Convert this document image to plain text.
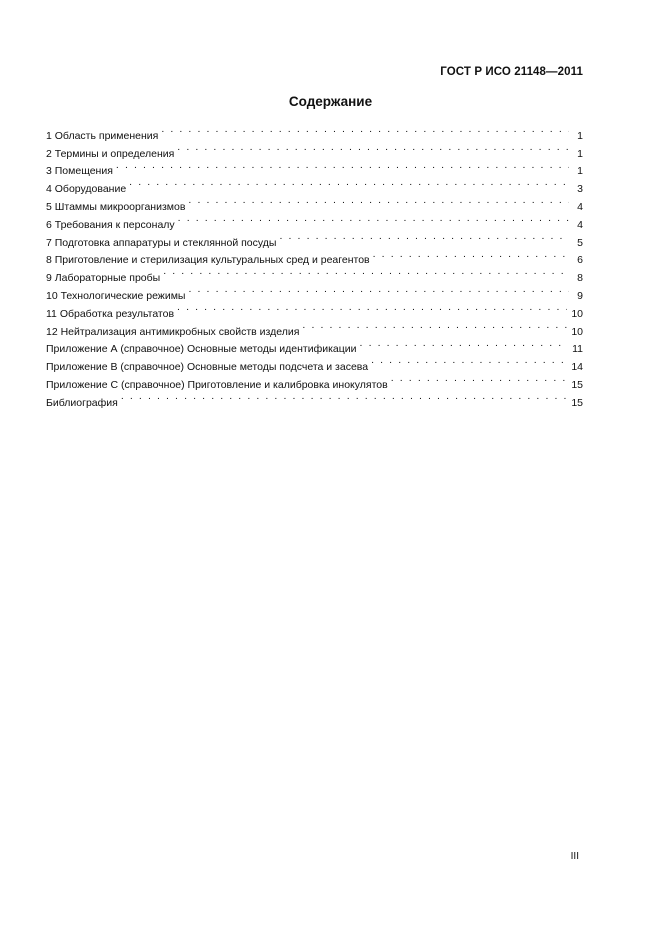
ГОСТ Р ИСО 21148—2011
Содержание
1 Область применения . . .	1
2 Термины и определения . . .	1
3 Помещения . . .	1
4 Оборудование . . .	3
5 Штаммы микроорганизмов . . .	4
6 Требования к персоналу . . .	4
7 Подготовка аппаратуры и стеклянной посуды . . .	5
8 Приготовление и стерилизация культуральных сред и реагентов . . .	6
9 Лабораторные пробы . . .	8
10 Технологические режимы . . .	9
11 Обработка результатов . . .	10
12 Нейтрализация антимикробных свойств изделия . . .	10
Приложение А (справочное) Основные методы идентификации . . .	11
Приложение В (справочное) Основные методы подсчета и засева . . .	14
Приложение С (справочное) Приготовление и калибровка инокулятов . . .	15
Библиография . . .	15
III
